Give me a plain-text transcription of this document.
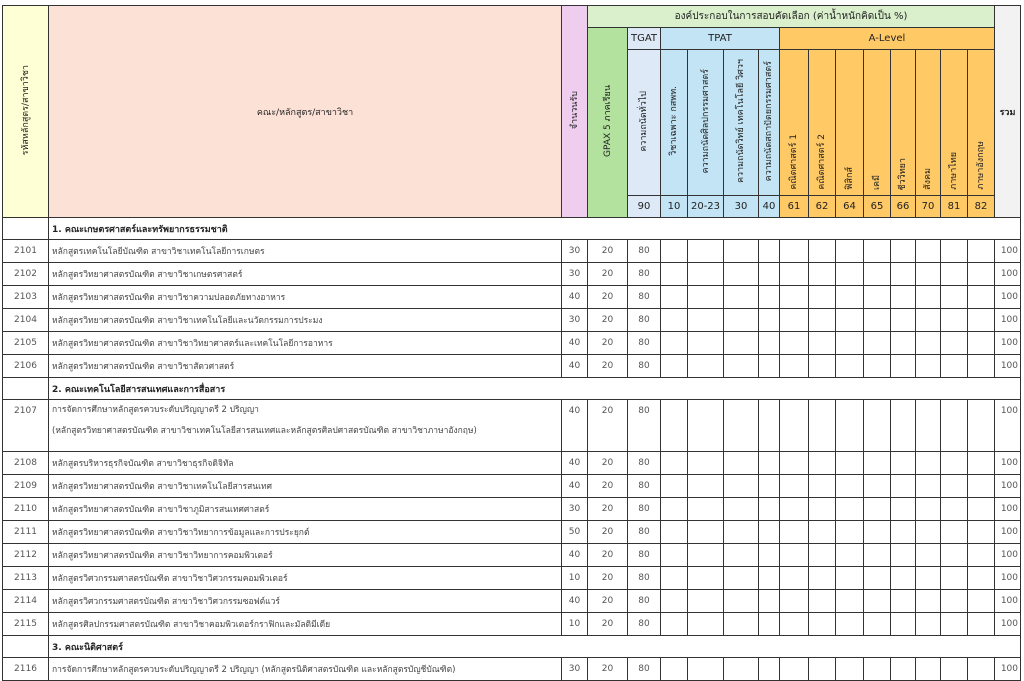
รหัสหลักสูตร/สาขาวิชา	คณะ/หลักสูตร/สาขาวิชา	จำนวนรับ	องค์ประกอบในการสอบคัดเลือก (ค่าน้ำหนักคิดเป็น %)														รวม
			GPAX 5 ภาคเรียน	TGAT	TPAT				A-Level								
				ความถนัดทั่วไป	วิชาเฉพาะ กสพท.	ความถนัดศิลปกรรมศาสตร์	ความถนัดวิทย์ เทคโนโลยี วิศวฯ	ความถนัดสถาปัตยกรรมศาสตร์	คณิตศาสตร์ 1	คณิตศาสตร์ 2	ฟิสิกส์	เคมี	ชีววิทยา	สังคม	ภาษาไทย	ภาษาอังกฤษ	
				90	10	20-23	30	40	61	62	64	65	66	70	81	82	
	1. คณะเกษตรศาสตร์และทรัพยากรธรรมชาติ																
2101	หลักสูตรเทคโนโลยีบัณฑิต สาขาวิชาเทคโนโลยีการเกษตร	30	20	80													100
2102	หลักสูตรวิทยาศาสตรบัณฑิต สาขาวิชาเกษตรศาสตร์	30	20	80													100
2103	หลักสูตรวิทยาศาสตรบัณฑิต สาขาวิชาความปลอดภัยทางอาหาร	40	20	80													100
2104	หลักสูตรวิทยาศาสตรบัณฑิต สาขาวิชาเทคโนโลยีและนวัตกรรมการประมง	30	20	80													100
2105	หลักสูตรวิทยาศาสตรบัณฑิต สาขาวิชาวิทยาศาสตร์และเทคโนโลยีการอาหาร	40	20	80													100
2106	หลักสูตรวิทยาศาสตรบัณฑิต สาขาวิชาสัตวศาสตร์	40	20	80													100
	2. คณะเทคโนโลยีสารสนเทศและการสื่อสาร																
2107	การจัดการศึกษาหลักสูตรควบระดับปริญญาตรี 2 ปริญญา
(หลักสูตรวิทยาศาสตรบัณฑิต สาขาวิชาเทคโนโลยีสารสนเทศและหลักสูตรศิลปศาสตรบัณฑิต สาขาวิชาภาษาอังกฤษ)	40	20	80													100
2108	หลักสูตรบริหารธุรกิจบัณฑิต สาขาวิชาธุรกิจดิจิทัล	40	20	80													100
2109	หลักสูตรวิทยาศาสตรบัณฑิต สาขาวิชาเทคโนโลยีสารสนเทศ	40	20	80													100
2110	หลักสูตรวิทยาศาสตรบัณฑิต สาขาวิชาภูมิสารสนเทศศาสตร์	30	20	80													100
2111	หลักสูตรวิทยาศาสตรบัณฑิต สาขาวิชาวิทยาการข้อมูลและการประยุกต์	50	20	80													100
2112	หลักสูตรวิทยาศาสตรบัณฑิต สาขาวิชาวิทยาการคอมพิวเตอร์	40	20	80													100
2113	หลักสูตรวิศวกรรมศาสตรบัณฑิต สาขาวิชาวิศวกรรมคอมพิวเตอร์	10	20	80													100
2114	หลักสูตรวิศวกรรมศาสตรบัณฑิต สาขาวิชาวิศวกรรมซอฟต์แวร์	40	20	80													100
2115	หลักสูตรศิลปกรรมศาสตรบัณฑิต สาขาวิชาคอมพิวเตอร์กราฟิกและมัลติมีเดีย	10	20	80													100
	3. คณะนิติศาสตร์																
2116	การจัดการศึกษาหลักสูตรควบระดับปริญญาตรี 2 ปริญญา (หลักสูตรนิติศาสตรบัณฑิต และหลักสูตรบัญชีบัณฑิต)	30	20	80													100
